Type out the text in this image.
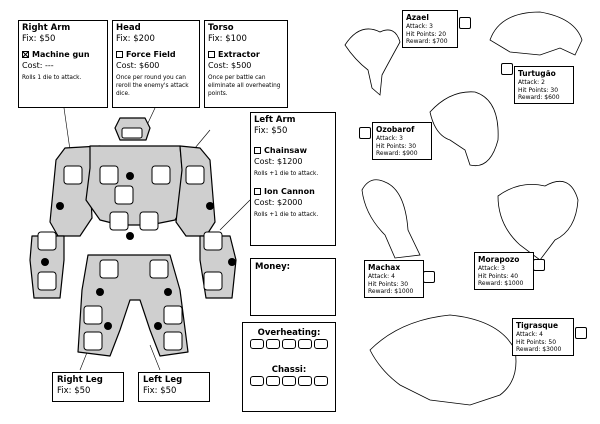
Right Arm
Fix: $50
Machine gun
Cost: ---
Rolls 1 die to attack.
Head
Fix: $200
Force Field
Cost: $600
Once per round you can reroll the enemy's attack dice.
Torso
Fix: $100
Extractor
Cost: $500
Once per battle can eliminate all overheating points.
Left Arm
Fix: $50
Chainsaw
Cost: $1200
Rolls +1 die to attack.
Ion Cannon
Cost: $2000
Rolls +1 die to attack.
Money:
Overheating:
Chassi:
Right Leg
Fix: $50
Left Leg
Fix: $50
Azael
Attack: 3
Hit Points: 20
Reward: $700
Turtugão
Attack: 2
Hit Points: 30
Reward: $600
Ozobarof
Attack: 3
Hit Points: 30
Reward: $900
Machax
Attack: 4
Hit Points: 30
Reward: $1000
Morapozo
Attack: 3
Hit Points: 40
Reward: $1000
Tigrasque
Attack: 4
Hit Points: 50
Reward: $3000
